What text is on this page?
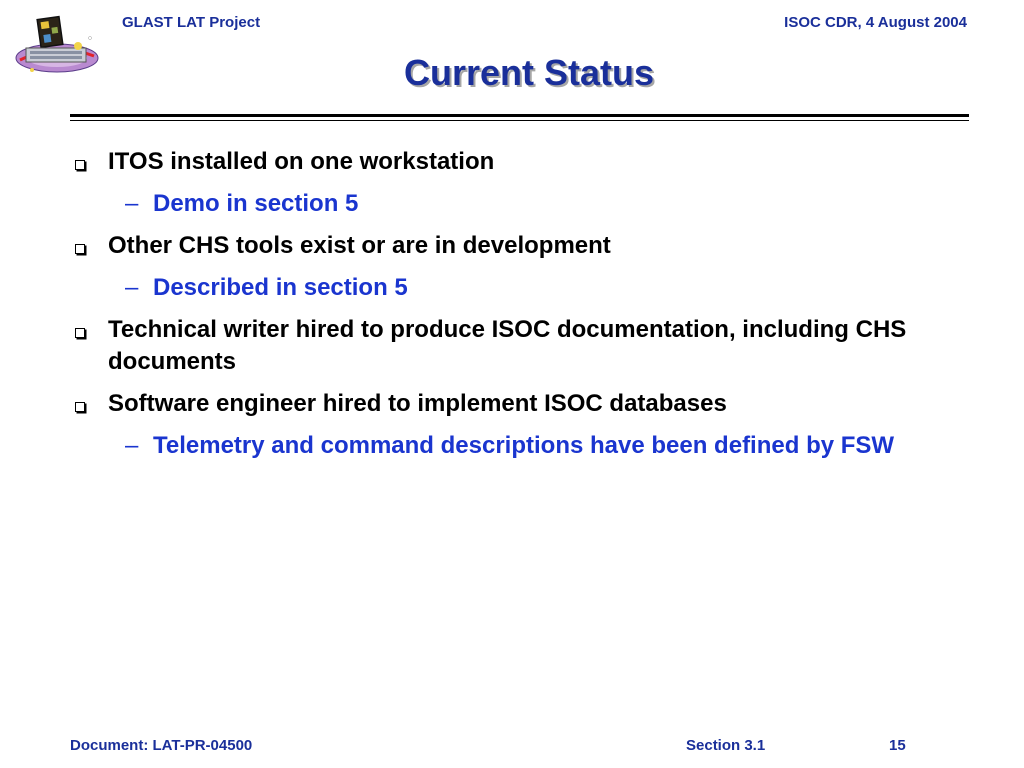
GLAST LAT Project	ISOC CDR, 4 August 2004
Current Status
ITOS installed on one workstation
– Demo in section 5
Other CHS tools exist or are in development
– Described in section 5
Technical writer hired to produce ISOC documentation, including CHS documents
Software engineer hired to implement ISOC databases
– Telemetry and command descriptions have been defined by FSW
Document: LAT-PR-04500	Section 3.1	15
